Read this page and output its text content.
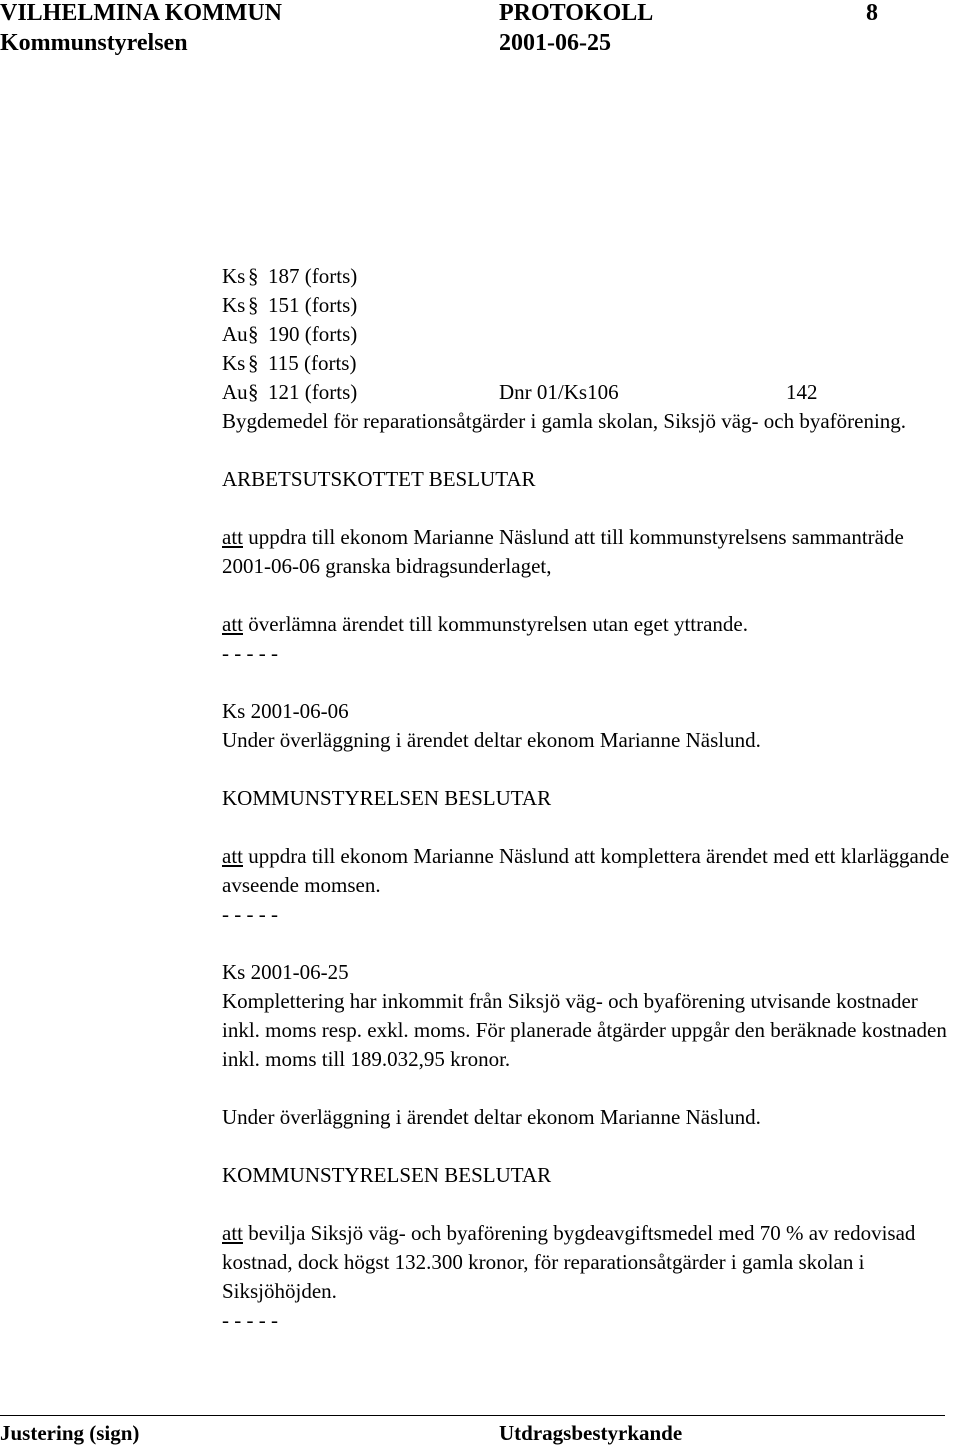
VILHELMINA KOMMUN	PROTOKOLL	8
Kommunstyrelsen	2001-06-25
Ks § 187 (forts)
Ks § 151 (forts)
Au § 190 (forts)
Ks § 115 (forts)
Au § 121 (forts)	Dnr 01/Ks106	142

Bygdemedel för reparationsåtgärder i gamla skolan, Siksjö väg- och byaförening.

ARBETSUTSKOTTET BESLUTAR

att uppdra till ekonom Marianne Näslund att till kommunstyrelsens sammanträde 2001-06-06 granska bidragsunderlaget,

att överlämna ärendet till kommunstyrelsen utan eget yttrande.

- - - - -

Ks 2001-06-06

Under överläggning i ärendet deltar ekonom Marianne Näslund.

KOMMUNSTYRELSEN BESLUTAR

att uppdra till ekonom Marianne Näslund att komplettera ärendet med ett klarläggande avseende momsen.

- - - - -

Ks 2001-06-25

Komplettering har inkommit från Siksjö väg- och byaförening utvisande kostnader inkl. moms resp. exkl. moms. För planerade åtgärder uppgår den beräknade kostnaden inkl. moms till 189.032,95 kronor.

Under överläggning i ärendet deltar ekonom Marianne Näslund.

KOMMUNSTYRELSEN BESLUTAR

att bevilja Siksjö väg- och byaförening bygdeavgiftsmedel med 70 % av redovisad kostnad, dock högst 132.300 kronor, för reparationsåtgärder i gamla skolan i Siksjöhöjden.

- - - - -

Justering (sign)	Utdragsbestyrkande
